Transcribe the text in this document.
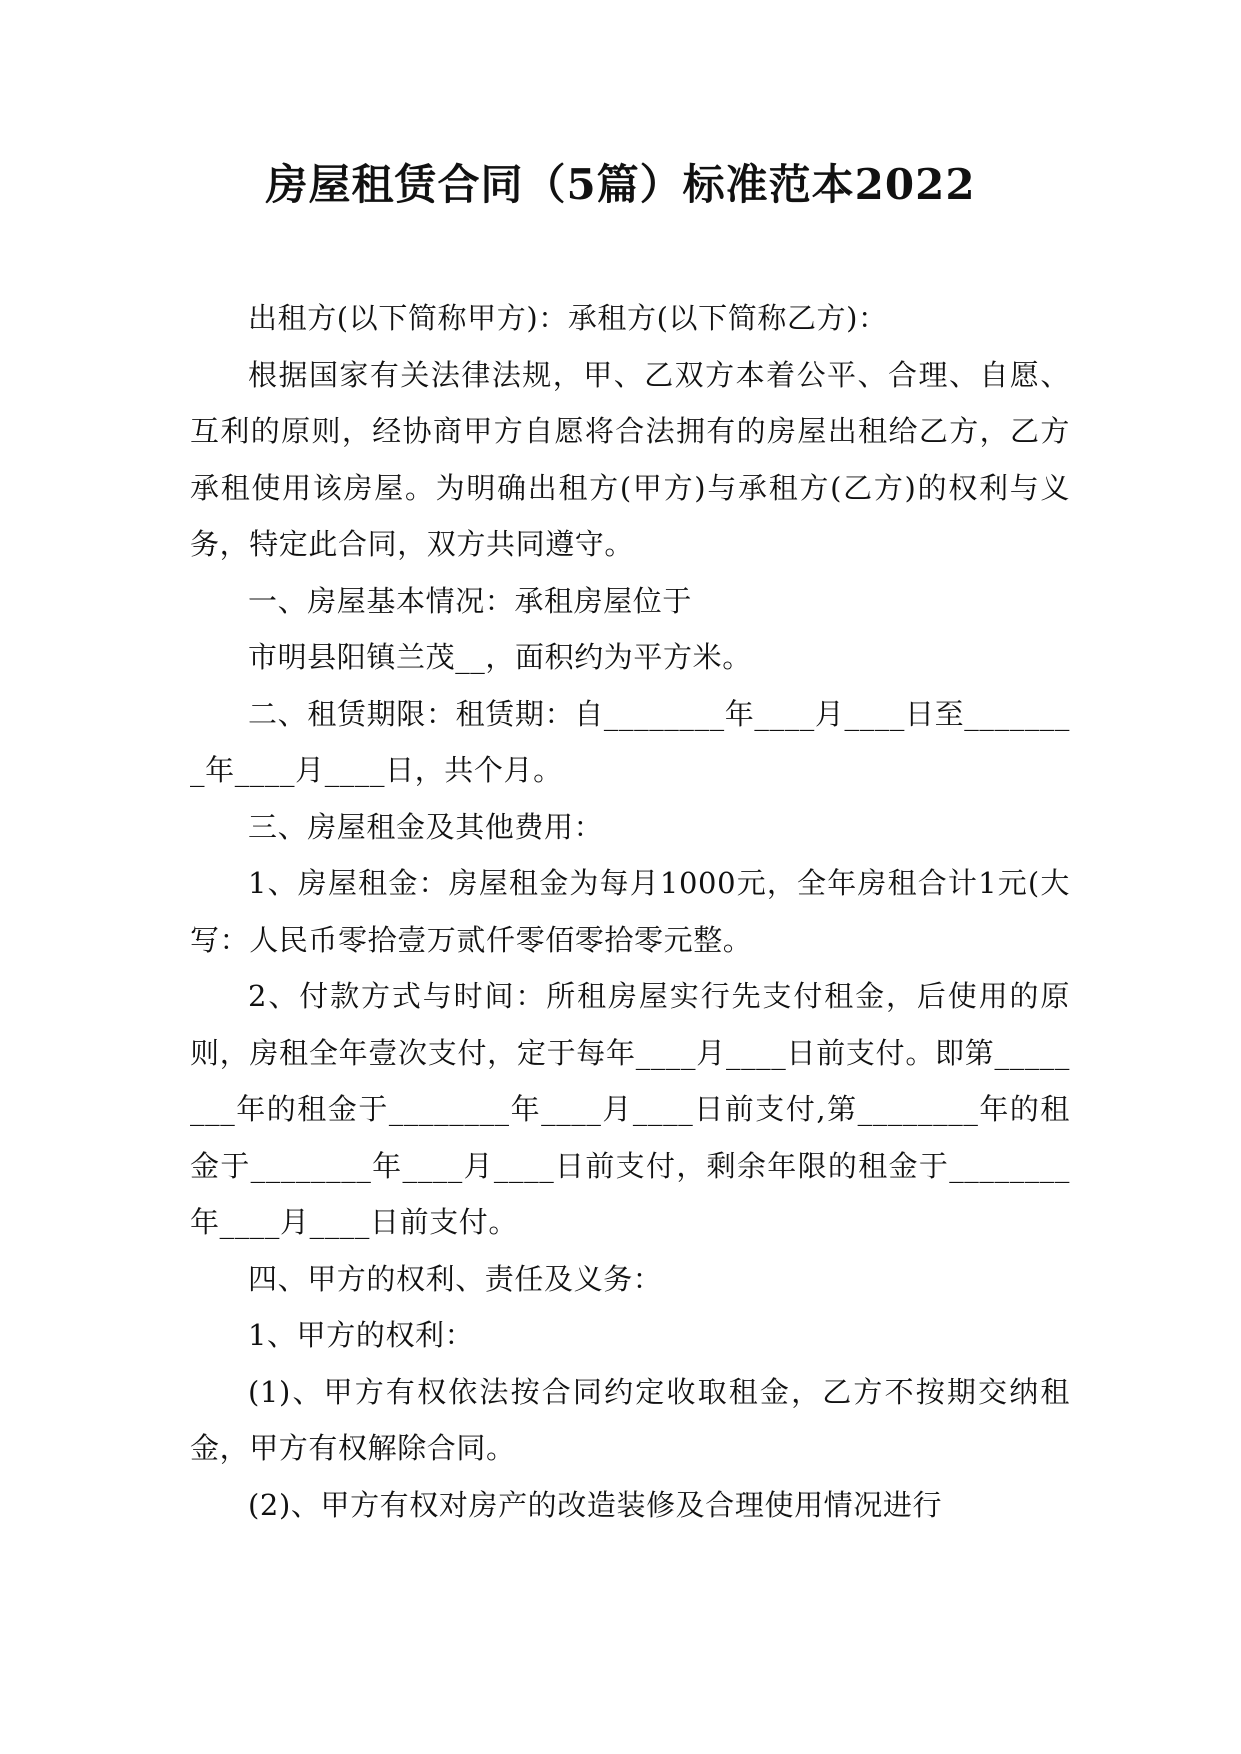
房屋租赁合同（5篇）标准范本2022

出租方(以下简称甲方)：承租方(以下简称乙方)：

根据国家有关法律法规，甲、乙双方本着公平、合理、自愿、互利的原则，经协商甲方自愿将合法拥有的房屋出租给乙方，乙方承租使用该房屋。为明确出租方(甲方)与承租方(乙方)的权利与义务，特定此合同，双方共同遵守。

一、房屋基本情况：承租房屋位于

市明县阳镇兰茂__，面积约为平方米。

二、租赁期限：租赁期：自________年____月____日至________年____月____日，共个月。

三、房屋租金及其他费用：

1、房屋租金：房屋租金为每月1000元，全年房租合计1元(大写：人民币零拾壹万贰仟零佰零拾零元整。

2、付款方式与时间：所租房屋实行先支付租金，后使用的原则，房租全年壹次支付，定于每年____月____日前支付。即第________年的租金于________年____月____日前支付,第________年的租金于________年____月____日前支付，剩余年限的租金于________年____月____日前支付。

四、甲方的权利、责任及义务：

1、甲方的权利：

(1)、甲方有权依法按合同约定收取租金，乙方不按期交纳租金，甲方有权解除合同。

(2)、甲方有权对房产的改造装修及合理使用情况进行
